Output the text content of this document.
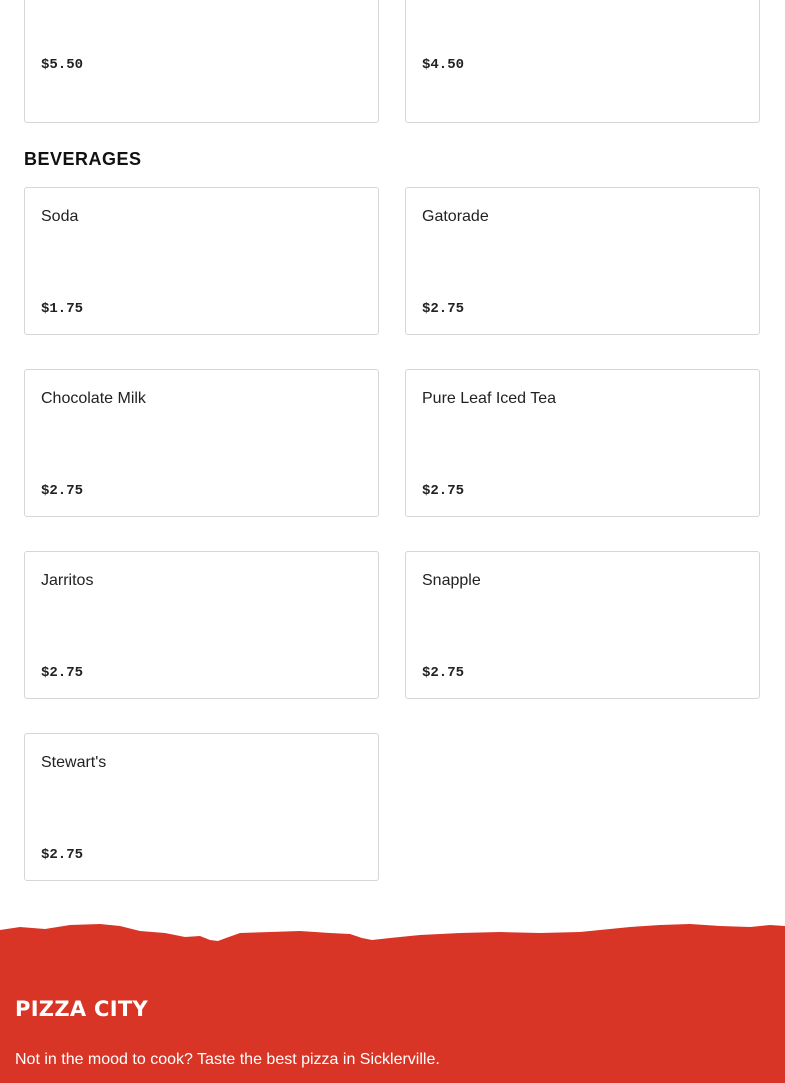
$5.50	$4.50
BEVERAGES
Soda
$1.75
Gatorade
$2.75
Chocolate Milk
$2.75
Pure Leaf Iced Tea
$2.75
Jarritos
$2.75
Snapple
$2.75
Stewart's
$2.75
PIZZA CITY

Not in the mood to cook? Taste the best pizza in Sicklerville.
